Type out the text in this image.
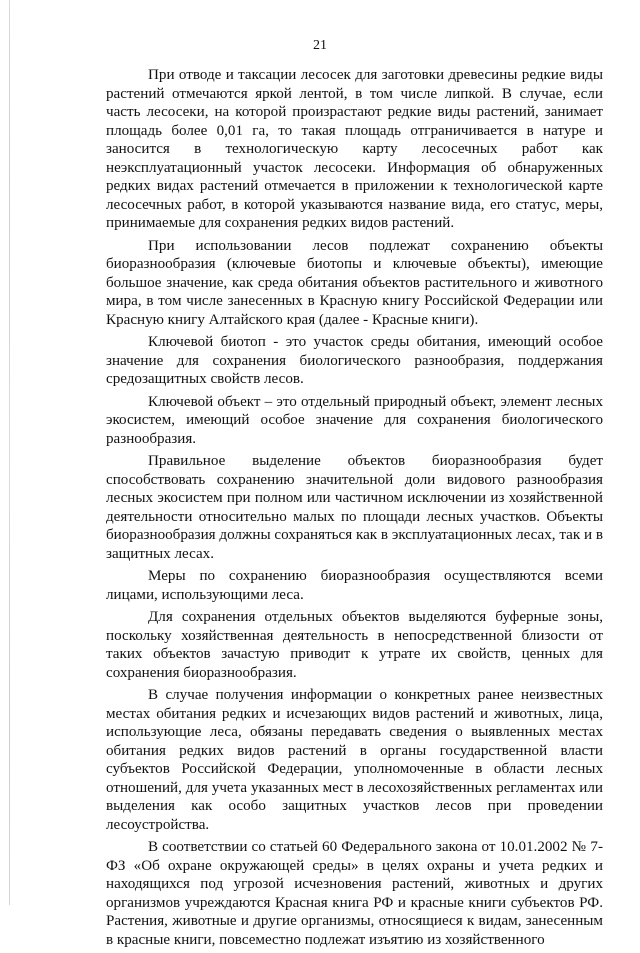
21

При отводе и таксации лесосек для заготовки древесины редкие виды растений отмечаются яркой лентой, в том числе липкой. В случае, если часть лесосеки, на которой произрастают редкие виды растений, занимает площадь более 0,01 га, то такая площадь отграничивается в натуре и заносится в технологическую карту лесосечных работ как неэксплуатационный участок лесосеки. Информация об обнаруженных редких видах растений отмечается в приложении к технологической карте лесосечных работ, в которой указываются название вида, его статус, меры, принимаемые для сохранения редких видов растений.

При использовании лесов подлежат сохранению объекты биоразнообразия (ключевые биотопы и ключевые объекты), имеющие большое значение, как среда обитания объектов растительного и животного мира, в том числе занесенных в Красную книгу Российской Федерации или Красную книгу Алтайского края (далее - Красные книги).

Ключевой биотоп - это участок среды обитания, имеющий особое значение для сохранения биологического разнообразия, поддержания средозащитных свойств лесов.

Ключевой объект – это отдельный природный объект, элемент лесных экосистем, имеющий особое значение для сохранения биологического разнообразия.

Правильное выделение объектов биоразнообразия будет способствовать сохранению значительной доли видового разнообразия лесных экосистем при полном или частичном исключении из хозяйственной деятельности относительно малых по площади лесных участков. Объекты биоразнообразия должны сохраняться как в эксплуатационных лесах, так и в защитных лесах.

Меры по сохранению биоразнообразия осуществляются всеми лицами, использующими леса.

Для сохранения отдельных объектов выделяются буферные зоны, поскольку хозяйственная деятельность в непосредственной близости от таких объектов зачастую приводит к утрате их свойств, ценных для сохранения биоразнообразия.

В случае получения информации о конкретных ранее неизвестных местах обитания редких и исчезающих видов растений и животных, лица, использующие леса, обязаны передавать сведения о выявленных местах обитания редких видов растений в органы государственной власти субъектов Российской Федерации, уполномоченные в области лесных отношений, для учета указанных мест в лесохозяйственных регламентах или выделения как особо защитных участков лесов при проведении лесоустройства.

В соответствии со статьей 60 Федерального закона от 10.01.2002 № 7-ФЗ «Об охране окружающей среды» в целях охраны и учета редких и находящихся под угрозой исчезновения растений, животных и других организмов учреждаются Красная книга РФ и красные книги субъектов РФ. Растения, животные и другие организмы, относящиеся к видам, занесенным в красные книги, повсеместно подлежат изъятию из хозяйственного
